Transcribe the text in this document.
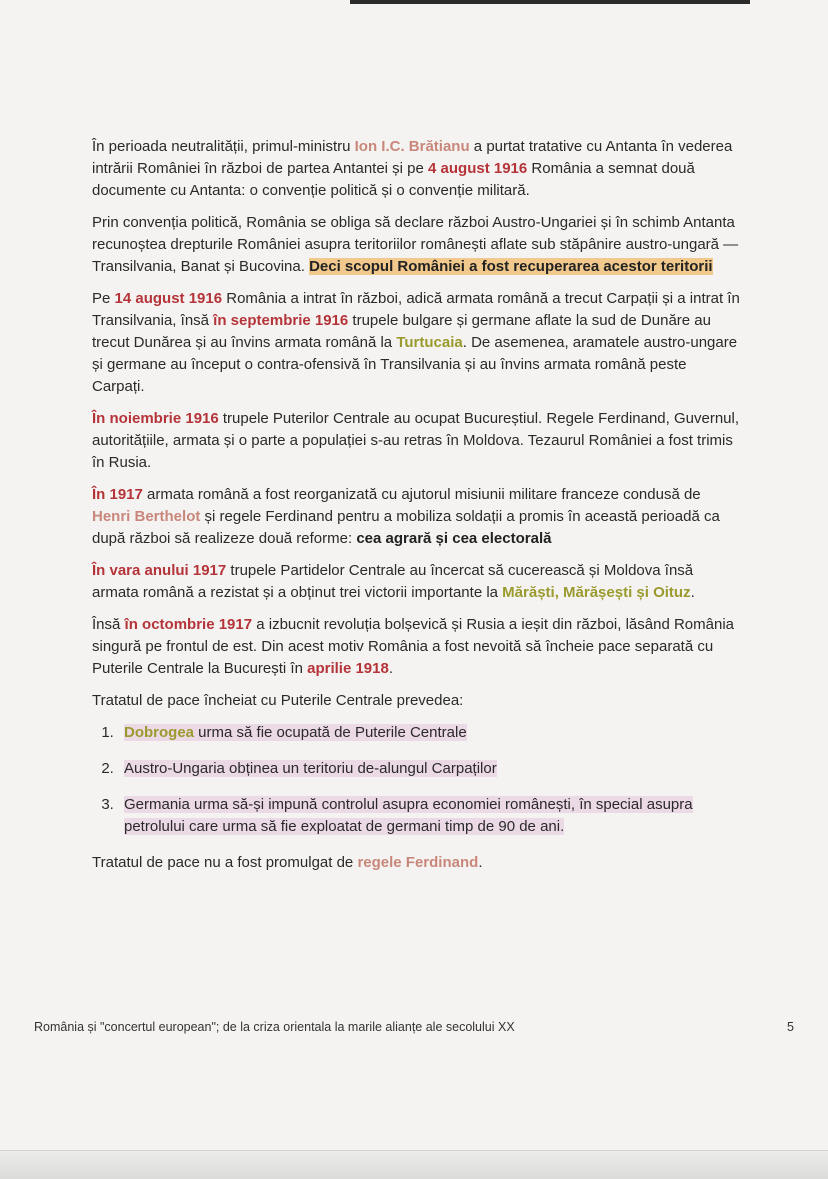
În perioada neutralității, primul-ministru Ion I.C. Brătianu a purtat tratative cu Antanta în vederea intrării României în război de partea Antantei și pe 4 august 1916 România a semnat două documente cu Antanta: o convenție politică și o convenție militară.

Prin convenția politică, România se obliga să declare război Austro-Ungariei și în schimb Antanta recunoștea drepturile României asupra teritoriilor românești aflate sub stăpânire austro-ungară — Transilvania, Banat și Bucovina. Deci scopul României a fost recuperarea acestor teritorii

Pe 14 august 1916 România a intrat în război, adică armata română a trecut Carpații și a intrat în Transilvania, însă în septembrie 1916 trupele bulgare și germane aflate la sud de Dunăre au trecut Dunărea și au învins armata română la Turtucaia. De asemenea, aramatele austro-ungare și germane au început o contra-ofensivă în Transilvania și au învins armata română peste Carpați.

În noiembrie 1916 trupele Puterilor Centrale au ocupat Bucureștiul. Regele Ferdinand, Guvernul, autoritățiile, armata și o parte a populației s-au retras în Moldova. Tezaurul României a fost trimis în Rusia.

În 1917 armata română a fost reorganizată cu ajutorul misiunii militare franceze condusă de Henri Berthelot și regele Ferdinand pentru a mobiliza soldații a promis în această perioadă ca după război să realizeze două reforme: cea agrară și cea electorală

În vara anului 1917 trupele Partidelor Centrale au încercat să cucerească și Moldova însă armata română a rezistat și a obținut trei victorii importante la Mărăști, Mărășești și Oituz.

Însă în octombrie 1917 a izbucnit revoluția bolșevică și Rusia a ieșit din război, lăsând România singură pe frontul de est. Din acest motiv România a fost nevoită să încheie pace separată cu Puterile Centrale la București în aprilie 1918.

Tratatul de pace încheiat cu Puterile Centrale prevedea:

1. Dobrogea urma să fie ocupată de Puterile Centrale
2. Austro-Ungaria obținea un teritoriu de-alungul Carpaților
3. Germania urma să-și impună controlul asupra economiei românești, în special asupra petrolului care urma să fie exploatat de germani timp de 90 de ani.

Tratatul de pace nu a fost promulgat de regele Ferdinand.

România și "concertul european"; de la criza orientala la marile alianțe ale secolului XX	5
